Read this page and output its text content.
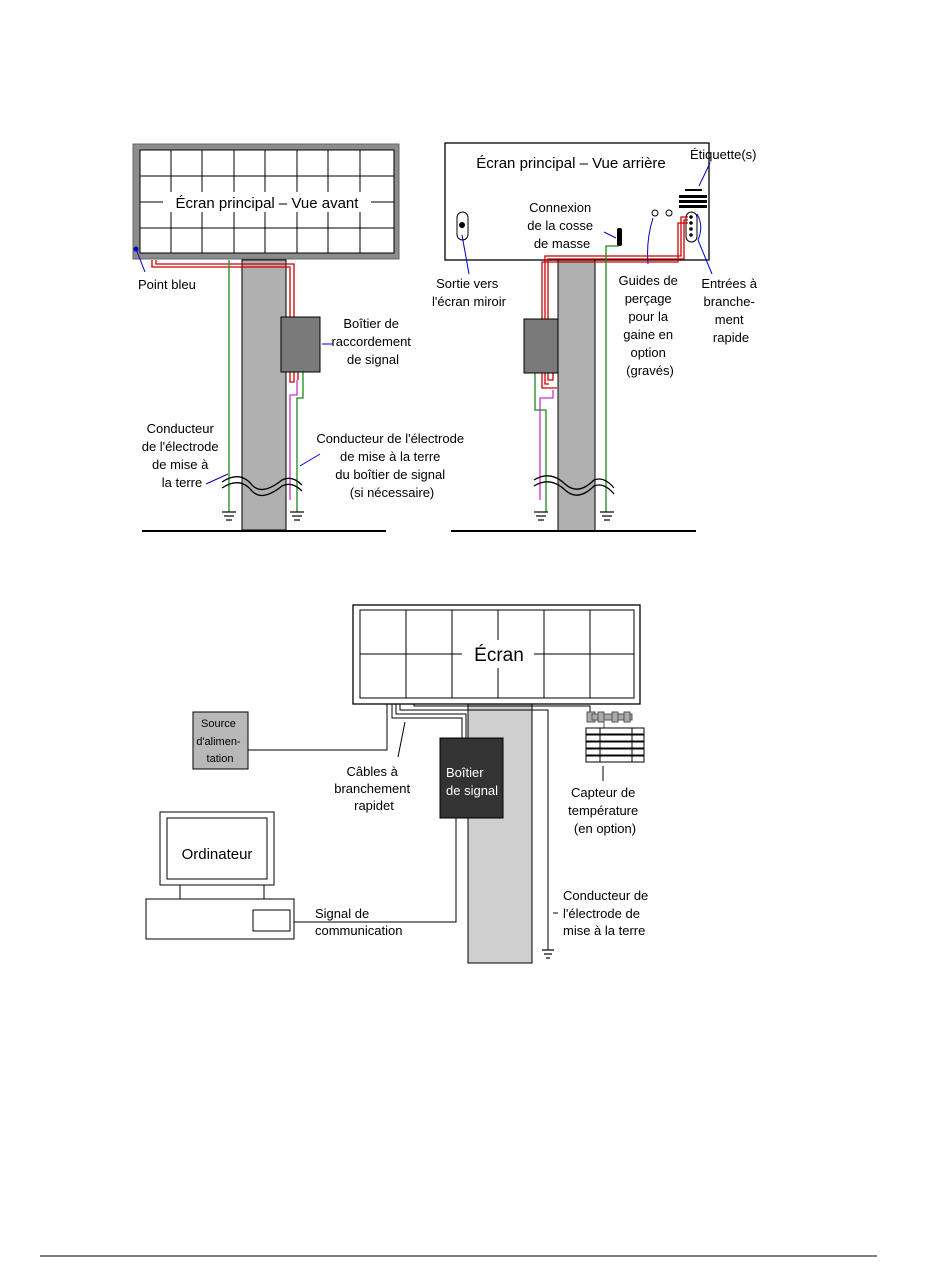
Écran principal – Vue avant
Point bleu
Boîtier de raccordement de signal
Conducteur de l'électrode de mise à la terre
Conducteur de l'électrode de mise à la terre du boîtier de signal (si nécessaire)
Écran principal – Vue arrière
Étiquette(s)
Sortie vers l'écran miroir
Connexion de la cosse de masse
Guides de perçage pour la gaine en option (gravés)
Entrées à branche- ment rapide
Écran
Source d'alimen- tation
Câbles à branchement rapidet
Boîtier de signal	Capteur de température (en option)
Ordinateur
Signal de communication
Conducteur de l'électrode de mise à la terre
